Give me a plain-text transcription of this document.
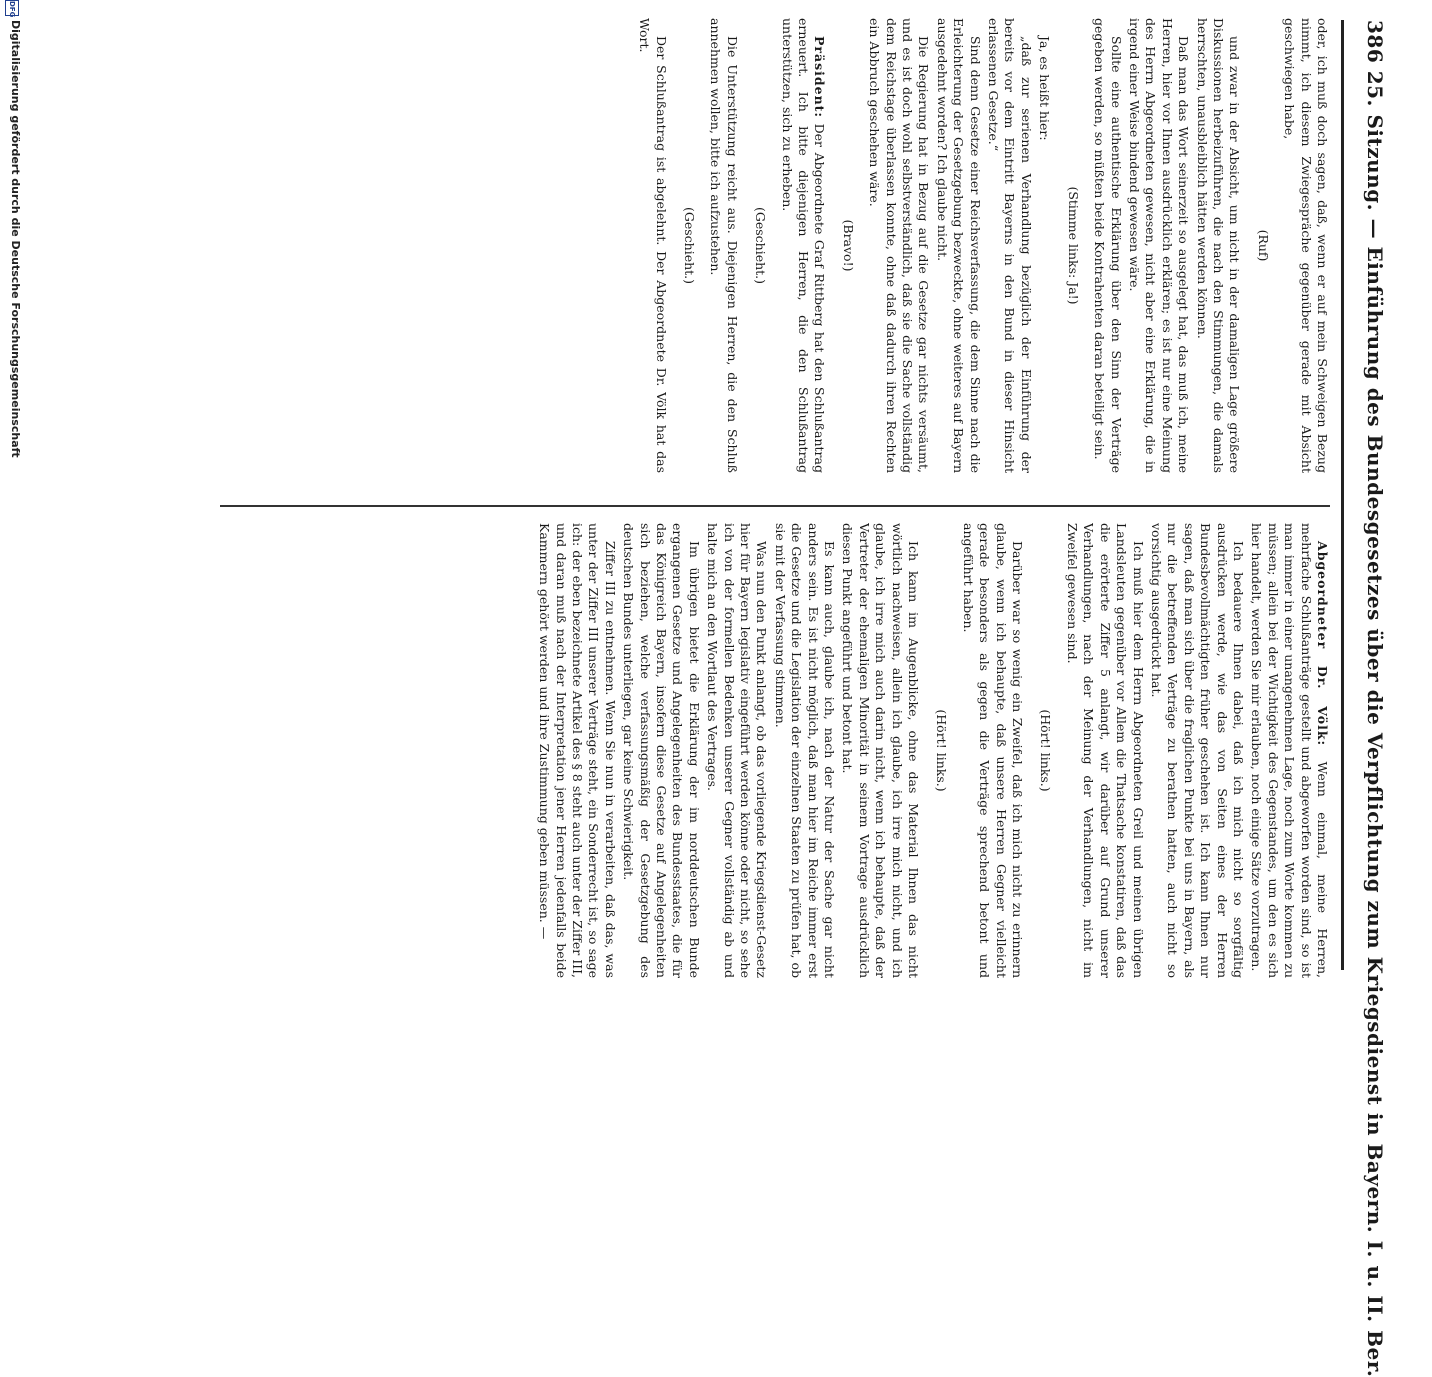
386 25. Sitzung. — Einführung des Bundesgesetzes über die Verpflichtung zum Kriegsdienst in Bayern. I. u. II. Ber.

oder, ich muß doch sagen, daß, wenn er auf mein Schweigen Bezug nimmt, ich diesem Zwiegespräche gegenüber gerade mit Absicht geschwiegen habe,

(Ruf)

und zwar in der Absicht, um nicht in der damaligen Lage größere Diskussionen herbeizuführen, die nach den Stimmungen, die damals herrschten, unausbleiblich hätten werden können.

Daß man das Wort seinerzeit so ausgelegt hat, das muß ich, meine Herren, hier vor Ihnen ausdrücklich erklären; es ist nur eine Meinung des Herrn Abgeordneten gewesen, nicht aber eine Erklärung, die in irgend einer Weise bindend gewesen wäre.

Sollte eine authentische Erklärung über den Sinn der Verträge gegeben werden, so müßten beide Kontrahenten daran beteiligt sein.

(Stimme links: Ja!)

Ja, es heißt hier:

„daß zur serienen Verhandlung bezüglich der Einführung der bereits vor dem Eintritt Bayerns in den Bund in dieser Hinsicht erlassenen Gesetze.“

Sind denn Gesetze einer Reichsverfassung, die dem Sinne nach die Erleichterung der Gesetzgebung bezweckte, ohne weiteres auf Bayern ausgedehnt worden? Ich glaube nicht.

Die Regierung hat in Bezug auf die Gesetze gar nichts versäumt, und es ist doch wohl selbstverständlich, daß sie die Sache vollständig dem Reichstage überlassen konnte, ohne daß dadurch ihren Rechten ein Abbruch geschehen wäre.

(Bravo!)

Präsident: Der Abgeordnete Graf Rittberg hat den Schlußantrag erneuert. Ich bitte diejenigen Herren, die den Schlußantrag unterstützen, sich zu erheben.

(Geschieht.)

Die Unterstützung reicht aus. Diejenigen Herren, die den Schluß annehmen wollen, bitte ich aufzustehen.

(Geschieht.)

Der Schlußantrag ist abgelehnt. Der Abgeordnete Dr. Völk hat das Wort.

Abgeordneter Dr. Völk: Wenn einmal, meine Herren, mehrfache Schlußanträge gestellt und abgeworfen worden sind, so ist man immer in einer unangenehmen Lage, noch zum Worte kommen zu müssen; allein bei der Wichtigkeit des Gegenstandes, um den es sich hier handelt, werden Sie mir erlauben, noch einige Sätze vorzutragen.

Ich bedauere Ihnen dabei, daß ich mich nicht so sorgfältig ausdrücken werde, wie das von Seiten eines der Herren Bundesbevollmächtigten früher geschehen ist. Ich kann Ihnen nur sagen, daß man sich über die fraglichen Punkte bei uns in Bayern, als nur die betreffenden Verträge zu berathen hatten, auch nicht so vorsichtig ausgedrückt hat.

Ich muß hier dem Herrn Abgeordneten Greil und meinen übrigen Landsleuten gegenüber vor Allem die Thatsache konstatiren, daß das die erörterte Ziffer 5 anlangt, wir darüber auf Grund unserer Verhandlungen, nach der Meinung der Verhandlungen, nicht im Zweifel gewesen sind.

(Hört! links.)

Darüber war so wenig ein Zweifel, daß ich mich nicht zu erinnern glaube, wenn ich behaupte, daß unsere Herren Gegner vielleicht gerade besonders als gegen die Verträge sprechend betont und angeführt haben.

(Hört! links.)

Ich kann im Augenblicke, ohne das Material Ihnen das nicht wörtlich nachweisen, allein ich glaube, ich irre mich nicht, und ich glaube, ich irre mich auch darin nicht, wenn ich behaupte, daß der Vertreter der ehemaligen Minorität in seinem Vortrage ausdrücklich diesen Punkt angeführt und betont hat.

Es kann auch, glaube ich, nach der Natur der Sache gar nicht anders sein. Es ist nicht möglich, daß man hier im Reiche immer erst die Gesetze und die Legislation der einzelnen Staaten zu prüfen hat, ob sie mit der Verfassung stimmen.

Was nun den Punkt anlangt, ob das vorliegende Kriegsdienst-Gesetz hier für Bayern legislativ eingeführt werden könne oder nicht, so sehe ich von der formellen Bedenken unserer Gegner vollständig ab und halte mich an den Wortlaut des Vertrages.

Im übrigen bietet die Erklärung der im norddeutschen Bunde ergangenen Gesetze und Angelegenheiten des Bundesstaates, die für das Königreich Bayern, insofern diese Gesetze auf Angelegenheiten sich beziehen, welche verfassungsmäßig der Gesetzgebung des deutschen Bundes unterliegen, gar keine Schwierigkeit.

Ziffer III zu entnehmen. Wenn Sie nun in verarbeiten, daß das, was unter der Ziffer III unserer Verträge steht, ein Sonderrecht ist, so sage ich: der eben bezeichnete Artikel des § 8 steht auch unter der Ziffer III, und daran muß nach der Interpretation jener Herren jedenfalls beide Kammern gehört werden und ihre Zustimmung geben müssen. —

DFG
Digitalisierung gefördert durch die Deutsche Forschungsgemeinschaft
